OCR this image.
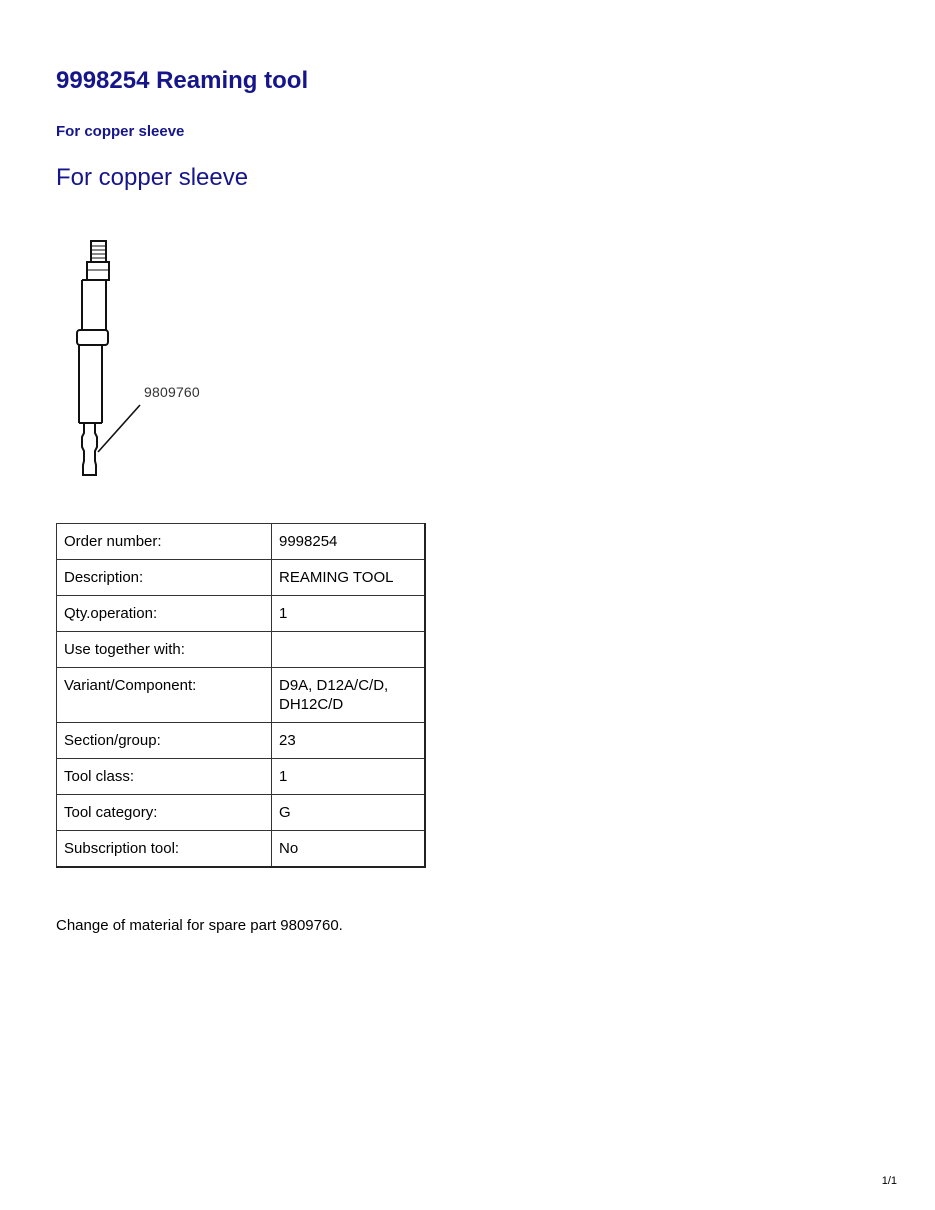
9998254 Reaming tool
For copper sleeve
For copper sleeve
9809760
Order number:	9998254
Description:	REAMING TOOL
Qty.operation:	1
Use together with:	
Variant/Component:	D9A, D12A/C/D, DH12C/D
Section/group:	23
Tool class:	1
Tool category:	G
Subscription tool:	No

Change of material for spare part 9809760.

1/1
